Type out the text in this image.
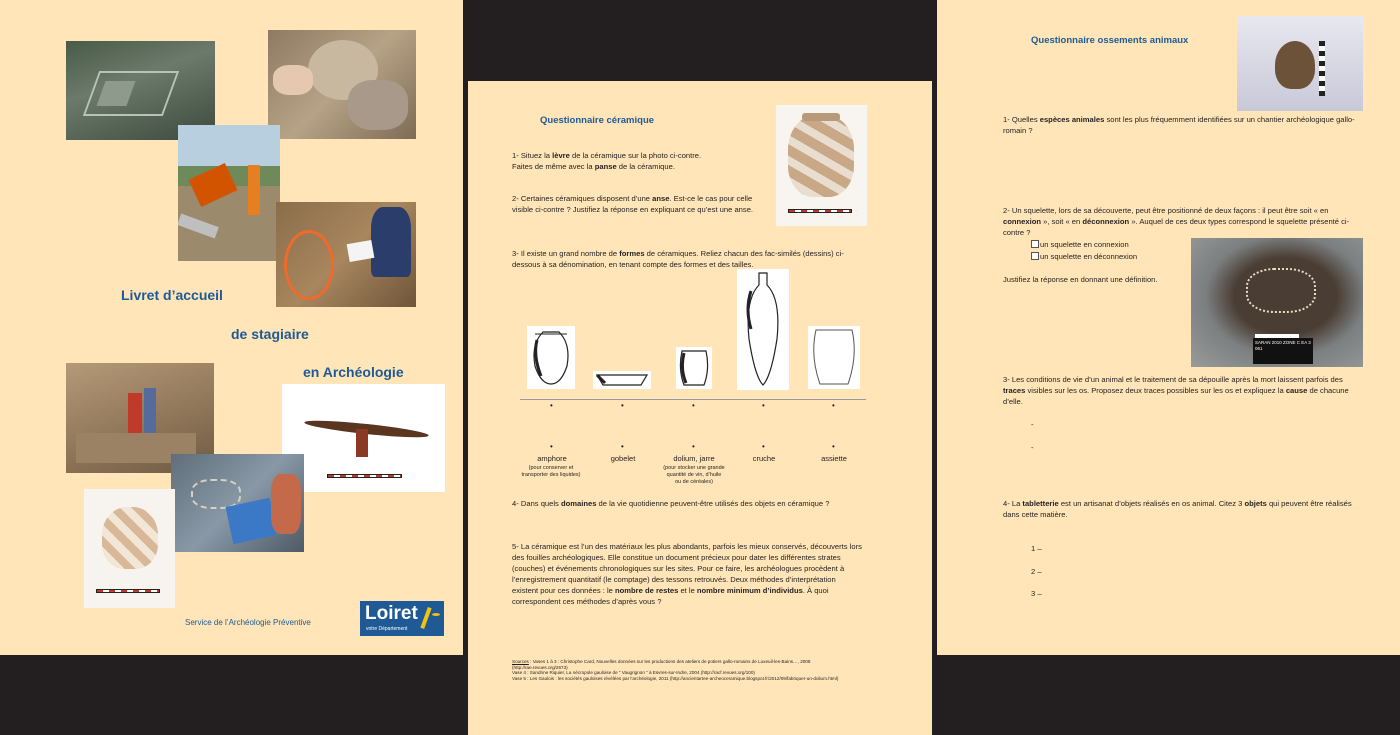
Livret d’accueil
de stagiaire
en Archéologie
Service de l’Archéologie Préventive	Loiret
votre Département
Questionnaire céramique
1- Situez la lèvre de la céramique sur la photo ci-contre.
Faites de même avec la panse de la céramique.
2- Certaines céramiques disposent d’une anse. Est-ce le cas pour celle visible ci-contre ? Justifiez la réponse en expliquant ce qu’est une anse.
3- Il existe un grand nombre de formes de céramiques. Reliez chacun des fac-similés (dessins) ci-dessous à sa dénomination, en tenant compte des formes et des tailles.
•	•	•	•	•
•	•	•	•	•
amphore	gobelet	dolium, jarre	cruche	assiette
(pour conserver et transporter des liquides)
(pour stocker une grande quantité de vin, d’huile ou de céréales)
4- Dans quels domaines de la vie quotidienne peuvent-être utilisés des objets en céramique ?
5- La céramique est l’un des matériaux les plus abondants, parfois les mieux conservés, découverts lors des fouilles archéologiques. Elle constitue un document précieux pour dater les différentes strates (couches) et événements chronologiques sur les sites. Pour ce faire, les archéologues procèdent à l’enregistrement quantitatif (le comptage) des tessons retrouvés. Deux méthodes d’interprétation existent pour ces données : le nombre de restes et le nombre minimum d’individus. À quoi correspondent ces méthodes d’après vous ?
Sources : Vases 1 à 3 : Christophe Card, Nouvelles données sur les productions des ateliers de potiers gallo-romains de Luxeuil-les-Bains…, 2008 (http://rae.revues.org/2673)
Vase 4 : Sandrine Riquier, La nécropole gauloise de “ Vaugrignon ” à Esvres-sur-Indre, 2004 (http://racf.revues.org/100)
Vase 5 : Les Gaulois : les sociétés gauloises révélées par l’archéologie, 2011 (http://ancientartee-archeoceramique.blogspot.fr/2012/09/fabriquer-un-dolium.html)
Questionnaire ossements animaux
1- Quelles espèces animales sont les plus fréquemment identifiées sur un chantier archéologique gallo-romain ?
2- Un squelette, lors de sa découverte, peut être positionné de deux façons : il peut être soit « en connexion », soit « en déconnexion ». Auquel de ces deux types correspond le squelette présenté ci-contre ?
un squelette en connexion
un squelette en déconnexion
Justifiez la réponse en donnant une définition.
SARAN 2010 ZONE C EA 3 061
3- Les conditions de vie d’un animal et le traitement de sa dépouille après la mort laissent parfois des traces visibles sur les os. Proposez deux traces possibles sur les os et expliquez la cause de chacune d’elle.
-
-
4- La tabletterie est un artisanat d’objets réalisés en os animal. Citez 3 objets qui peuvent être réalisés dans cette matière.
1 –
2 –
3 –
